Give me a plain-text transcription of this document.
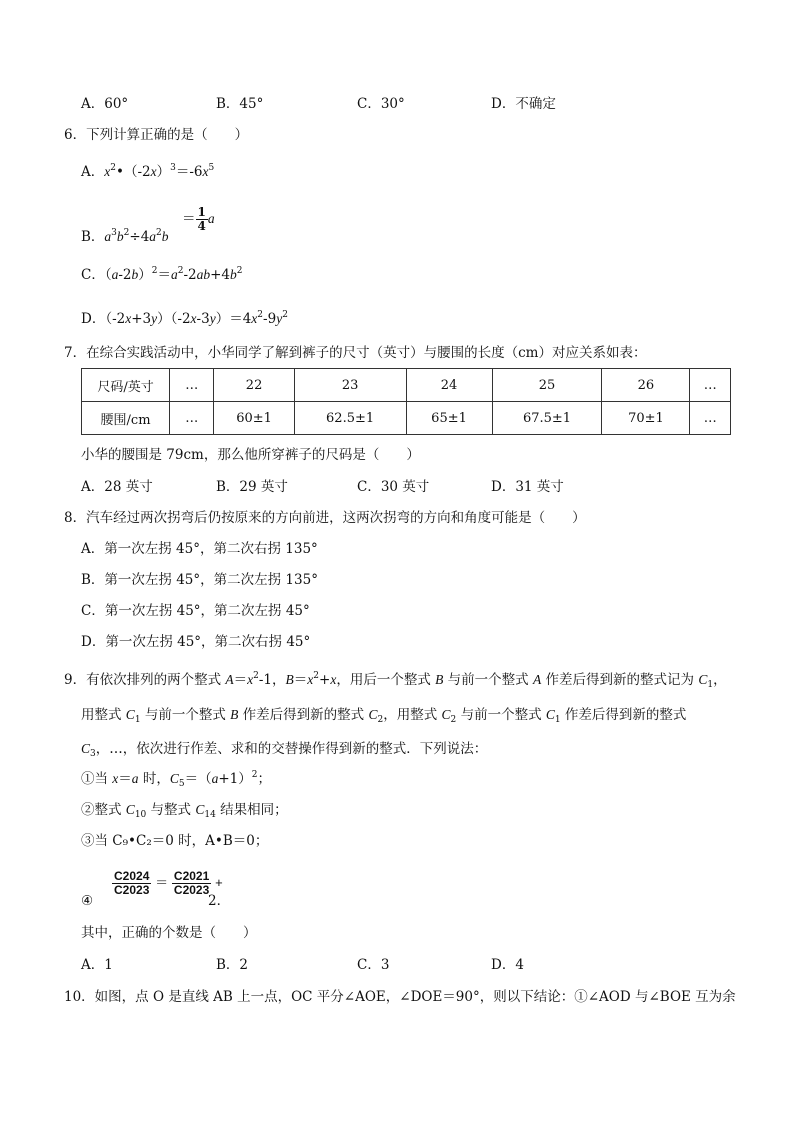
A．60°	B．45°	C．30°	D．不确定
6．下列计算正确的是（　　）
A．$x^2•(-2x)^3=-6x^5$
B．$a^3b^2\div 4a^2b$
＝ $\frac{1}{4}$ a
C．$(a-2b)^2=a^2-2ab+4b^2$
D．$(-2x+3y)(-2x-3y)=4x^2-9y^2$
7．在综合实践活动中，小华同学了解到裤子的尺寸（英寸）与腰围的长度（cm）对应关系如表：
尺码/英寸	…	22	23	24	25	26	…
腰围/cm	…	60±1	62.5±1	65±1	67.5±1	70±1	…
小华的腰围是 79cm，那么他所穿裤子的尺码是（　　）
A．28 英寸	B．29 英寸	C．30 英寸	D．31 英寸
8．汽车经过两次拐弯后仍按原来的方向前进，这两次拐弯的方向和角度可能是（　　）
A．第一次左拐 45°，第二次右拐 135°
B．第一次左拐 45°，第二次左拐 135°
C．第一次左拐 45°，第二次左拐 45°
D．第一次左拐 45°，第二次右拐 45°
9．有依次排列的两个整式 $A=x^2-1$，$B=x^2+x$，用后一个整式 B 与前一个整式 A 作差后得到新的整式记为 $C_1$，
用整式 $C_1$ 与前一个整式 B 作差后得到新的整式 $C_2$，用整式 $C_2$ 与前一个整式 $C_1$ 作差后得到新的整式
$C_3$，…，依次进行作差、求和的交替操作得到新的整式．下列说法：
①当 x＝a 时，$C_5=(a+1)^2$；
②整式 $C_{10}$ 与整式 $C_{14}$ 结果相同；
③当 C₉•C₂＝0 时，A•B＝0；
④
$\frac{C2024}{C2023} = \frac{C2021}{C2023}$ +
2．
其中，正确的个数是（　　）
A．1	B．2	C．3	D．4
10．如图，点 O 是直线 AB 上一点，OC 平分∠AOE，∠DOE＝90°，则以下结论：①∠AOD 与∠BOE 互为余
